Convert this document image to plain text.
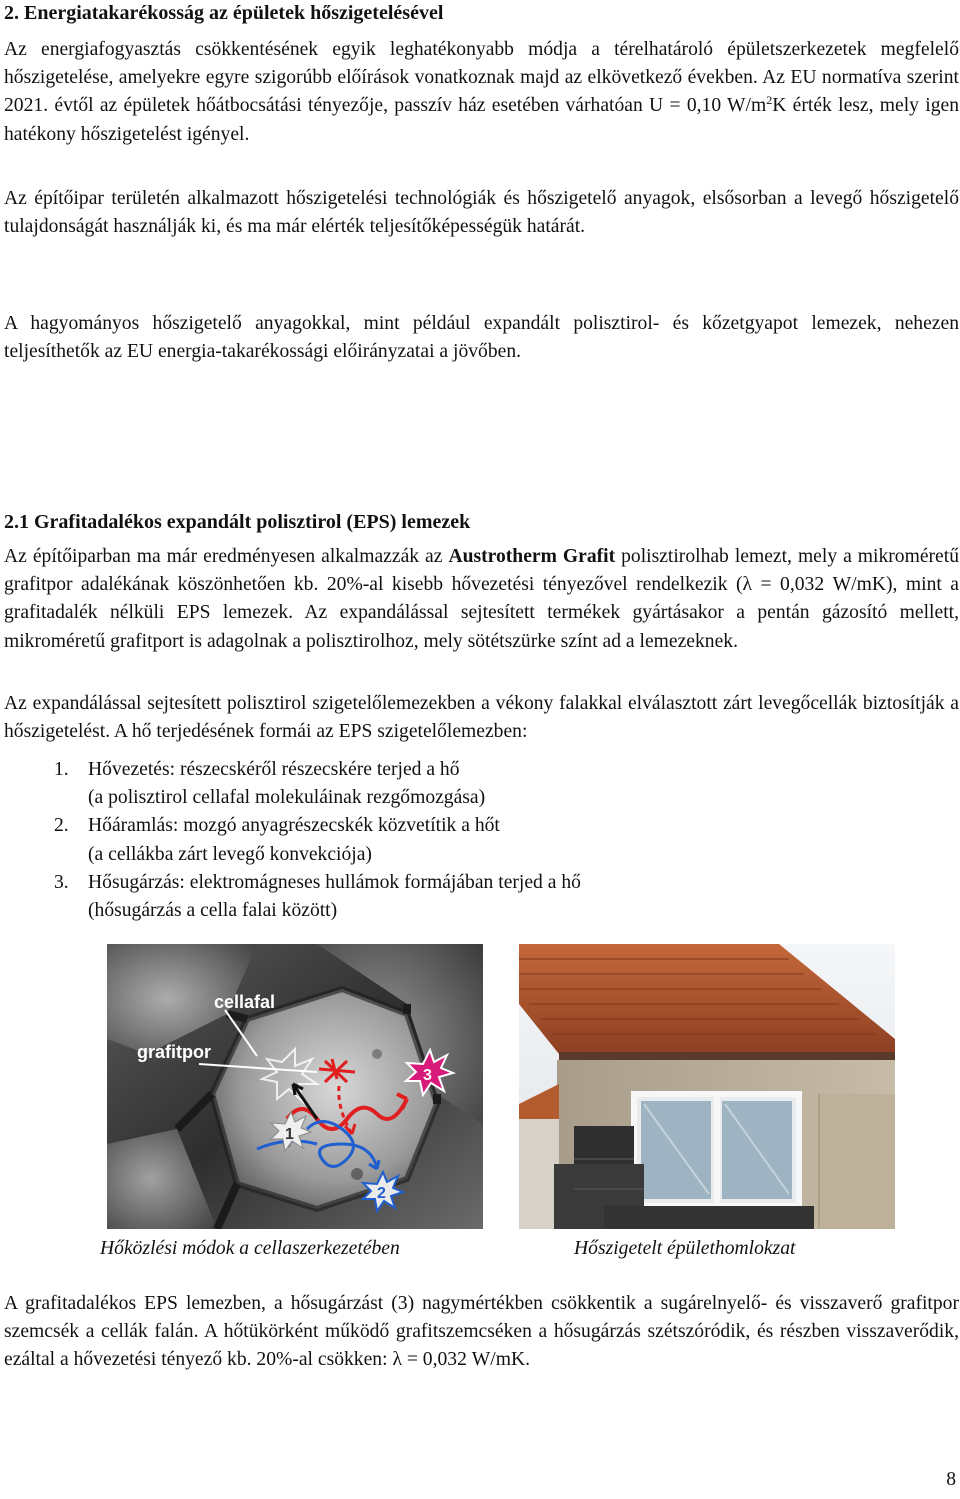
2. Energiatakarékosság az épületek hőszigetelésével

Az energiafogyasztás csökkentésének egyik leghatékonyabb módja a térelhatároló épületszerkezetek megfelelő hőszigetelése, amelyekre egyre szigorúbb előírások vonatkoznak majd az elkövetkező években. Az EU normatíva szerint 2021. évtől az épületek hőátbocsátási tényezője, passzív ház esetében várhatóan U = 0,10 $W/m^2K$ érték lesz, mely igen hatékony hőszigetelést igényel.

Az építőipar területén alkalmazott hőszigetelési technológiák és hőszigetelő anyagok, elsősorban a levegő hőszigetelő tulajdonságát használják ki, és ma már elérték teljesítőképességük határát.

A hagyományos hőszigetelő anyagokkal, mint például expandált polisztirol- és kőzetgyapot lemezek, nehezen teljesíthetők az EU energia-takarékossági előirányzatai a jövőben.

2.1 Grafitadalékos expandált polisztirol (EPS) lemezek

Az építőiparban ma már eredményesen alkalmazzák az Austrotherm Grafit polisztirolhab lemezt, mely a mikroméretű grafitpor adalékának köszönhetően kb. 20%-al kisebb hővezetési tényezővel rendelkezik (λ = 0,032 W/mK), mint a grafitadalék nélküli EPS lemezek. Az expandálással sejtesített termékek gyártásakor a pentán gázosító mellett, mikroméretű grafitport is adagolnak a polisztirolhoz, mely sötétszürke színt ad a lemezeknek.

Az expandálással sejtesített polisztirol szigetelőlemezekben a vékony falakkal elválasztott zárt levegőcellák biztosítják a hőszigetelést. A hő terjedésének formái az EPS szigetelőlemezben:

1. Hővezetés: részecskéről részecskére terjed a hő
(a polisztirol cellafal molekuláinak rezgőmozgása)
2. Hőáramlás: mozgó anyagrészecskék közvetítik a hőt
(a cellákba zárt levegő konvekciója)
3. Hősugárzás: elektromágneses hullámok formájában terjed a hő
(hősugárzás a cella falai között)
cellafal
grafitpor
1
2
3
Hőközlési módok a cellaszerkezetében	Hőszigetelt épülethomlokzat

A grafitadalékos EPS lemezben, a hősugárzást (3) nagymértékben csökkentik a sugárelnyelő- és visszaverő grafitpor szemcsék a cellák falán. A hőtükörként működő grafitszemcséken a hősugárzás szétszóródik, és részben visszaverődik, ezáltal a hővezetési tényező kb. 20%-al csökken: λ = 0,032 W/mK.

8
